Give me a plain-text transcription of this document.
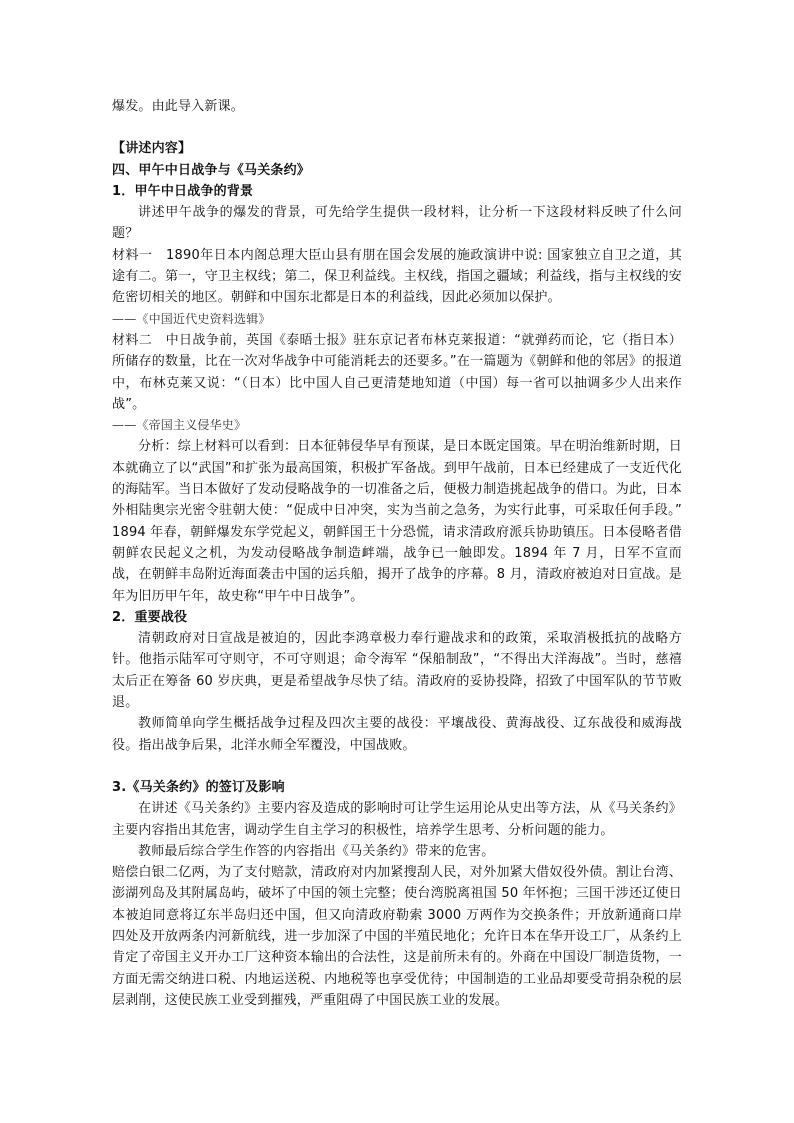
爆发。由此导入新课。

【讲述内容】

四、甲午中日战争与《马关条约》

1．甲午中日战争的背景

讲述甲午战争的爆发的背景，可先给学生提供一段材料，让分析一下这段材料反映了什么问题？

材料一　1890年日本内阁总理大臣山县有朋在国会发展的施政演讲中说: 国家独立自卫之道，其途有二。第一，守卫主权线；第二，保卫利益线。主权线，指国之疆域；利益线，指与主权线的安危密切相关的地区。朝鲜和中国东北都是日本的利益线，因此必须加以保护。

——《中国近代史资料选辑》

材料二　中日战争前，英国《泰晤士报》驻东京记者布林克莱报道：“就弹药而论，它（指日本）所储存的数量，比在一次对华战争中可能消耗去的还要多。”在一篇题为《朝鲜和他的邻居》的报道中，布林克莱又说：“（日本）比中国人自己更清楚地知道（中国）每一省可以抽调多少人出来作战”。

——《帝国主义侵华史》

分析：综上材料可以看到：日本征韩侵华早有预谋，是日本既定国策。早在明治维新时期，日本就确立了以“武国”和扩张为最高国策，积极扩军备战。到甲午战前，日本已经建成了一支近代化的海陆军。当日本做好了发动侵略战争的一切准备之后，便极力制造挑起战争的借口。为此，日本外相陆奥宗光密令驻朝大使：“促成中日冲突，实为当前之急务，为实行此事，可采取任何手段。” 1894 年春，朝鲜爆发东学党起义，朝鲜国王十分恐慌，请求清政府派兵协助镇压。日本侵略者借朝鲜农民起义之机，为发动侵略战争制造衅端，战争已一触即发。1894 年 7 月，日军不宣而战，在朝鲜丰岛附近海面袭击中国的运兵船，揭开了战争的序幕。8 月，清政府被迫对日宣战。是年为旧历甲午年，故史称“甲午中日战争”。

2．重要战役

清朝政府对日宣战是被迫的，因此李鸿章极力奉行避战求和的政策，采取消极抵抗的战略方针。他指示陆军可守则守，不可守则退；命令海军 “保船制敌”，“不得出大洋海战”。当时，慈禧太后正在筹备 60 岁庆典，更是希望战争尽快了结。清政府的妥协投降，招致了中国军队的节节败退。

教师简单向学生概括战争过程及四次主要的战役：平壤战役、黄海战役、辽东战役和威海战役。指出战争后果，北洋水师全军覆没，中国战败。

3.《马关条约》的签订及影响

在讲述《马关条约》主要内容及造成的影响时可让学生运用论从史出等方法，从《马关条约》主要内容指出其危害，调动学生自主学习的积极性，培养学生思考、分析问题的能力。

教师最后综合学生作答的内容指出《马关条约》带来的危害。

赔偿白银二亿两，为了支付赔款，清政府对内加紧搜刮人民，对外加紧大借奴役外债。割让台湾、澎湖列岛及其附属岛屿，破坏了中国的领土完整；使台湾脱离祖国 50 年怀抱；三国干涉还辽使日本被迫同意将辽东半岛归还中国，但又向清政府勒索 3000 万两作为交换条件；开放新通商口岸四处及开放两条内河新航线，进一步加深了中国的半殖民地化；允许日本在华开设工厂，从条约上肯定了帝国主义开办工厂这种资本输出的合法性，这是前所未有的。外商在中国设厂制造货物，一方面无需交纳进口税、内地运送税、内地税等也享受优待；中国制造的工业品却要受苛捐杂税的层层剥削，这使民族工业受到摧残，严重阻碍了中国民族工业的发展。
